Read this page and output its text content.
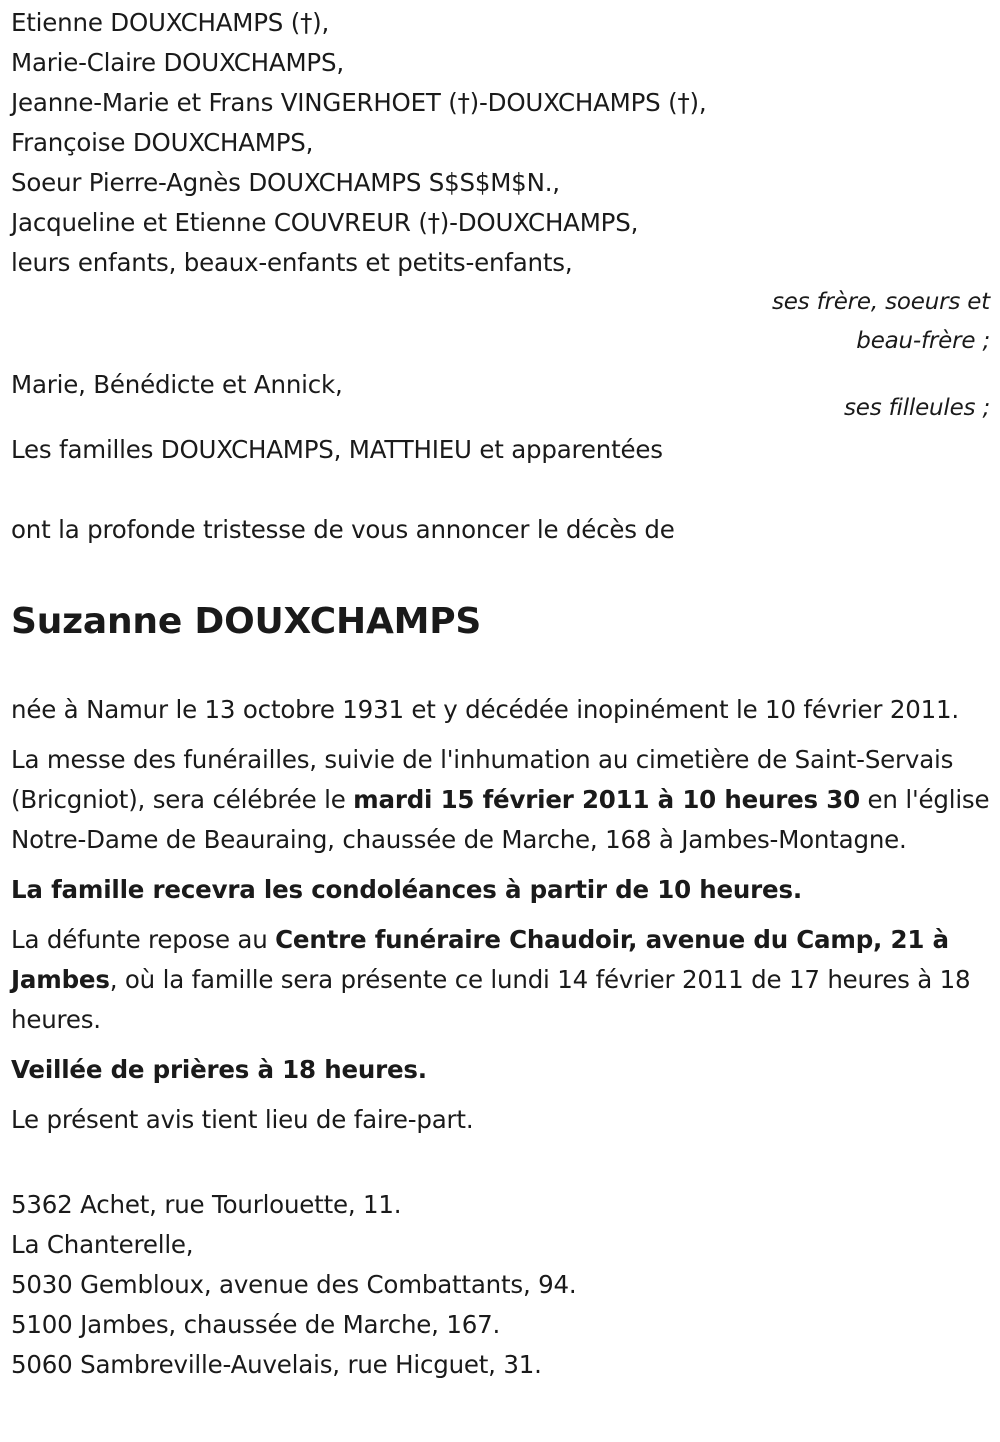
Etienne DOUXCHAMPS (†),
Marie-Claire DOUXCHAMPS,
Jeanne-Marie et Frans VINGERHOET (†)-DOUXCHAMPS (†),
Françoise DOUXCHAMPS,
Soeur Pierre-Agnès DOUXCHAMPS S$S$M$N.,
Jacqueline et Etienne COUVREUR (†)-DOUXCHAMPS,
leurs enfants, beaux-enfants et petits-enfants,
ses frère, soeurs et
beau-frère ;
Marie, Bénédicte et Annick,
ses filleules ;
Les familles DOUXCHAMPS, MATTHIEU et apparentées
ont la profonde tristesse de vous annoncer le décès de
Suzanne DOUXCHAMPS
née à Namur le 13 octobre 1931 et y décédée inopinément le 10 février 2011.
La messe des funérailles, suivie de l'inhumation au cimetière de Saint-Servais (Bricgniot), sera célébrée le mardi 15 février 2011 à 10 heures 30 en l'église Notre-Dame de Beauraing, chaussée de Marche, 168 à Jambes-Montagne.
La famille recevra les condoléances à partir de 10 heures.
La défunte repose au Centre funéraire Chaudoir, avenue du Camp, 21 à Jambes, où la famille sera présente ce lundi 14 février 2011 de 17 heures à 18 heures.
Veillée de prières à 18 heures.
Le présent avis tient lieu de faire-part.
5362 Achet, rue Tourlouette, 11.
La Chanterelle,
5030 Gembloux, avenue des Combattants, 94.
5100 Jambes, chaussée de Marche, 167.
5060 Sambreville-Auvelais, rue Hicguet, 31.
